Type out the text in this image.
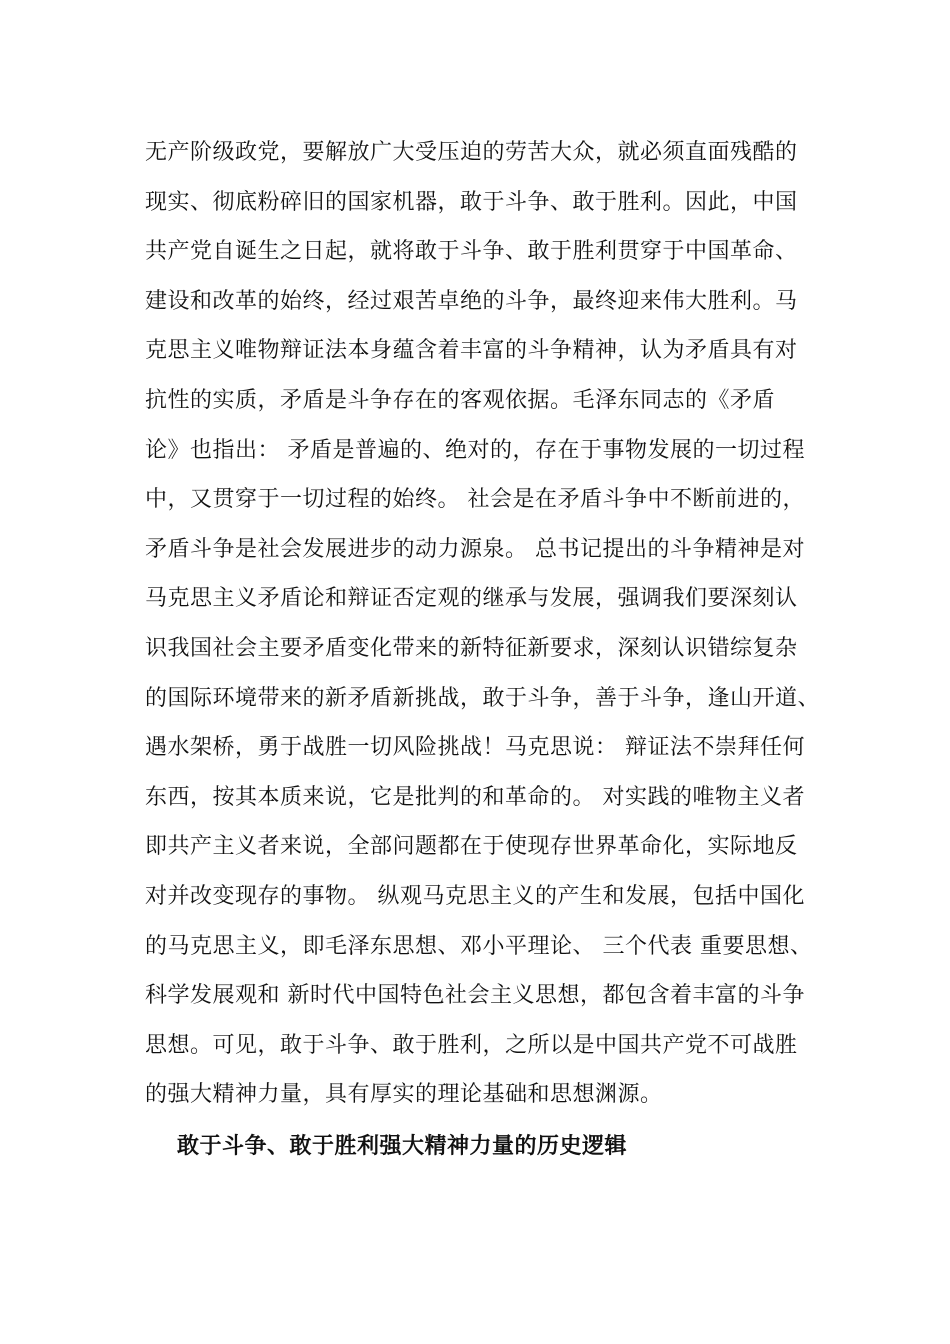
无产阶级政党，要解放广大受压迫的劳苦大众，就必须直面残酷的
现实、彻底粉碎旧的国家机器，敢于斗争、敢于胜利。因此，中国
共产党自诞生之日起，就将敢于斗争、敢于胜利贯穿于中国革命、
建设和改革的始终，经过艰苦卓绝的斗争，最终迎来伟大胜利。马
克思主义唯物辩证法本身蕴含着丰富的斗争精神，认为矛盾具有对
抗性的实质，矛盾是斗争存在的客观依据。毛泽东同志的《矛盾
论》也指出： 矛盾是普遍的、绝对的，存在于事物发展的一切过程
中，又贯穿于一切过程的始终。 社会是在矛盾斗争中不断前进的，
矛盾斗争是社会发展进步的动力源泉。 总书记提出的斗争精神是对
马克思主义矛盾论和辩证否定观的继承与发展，强调我们要深刻认
识我国社会主要矛盾变化带来的新特征新要求，深刻认识错综复杂
的国际环境带来的新矛盾新挑战，敢于斗争，善于斗争，逢山开道、
遇水架桥，勇于战胜一切风险挑战！马克思说： 辩证法不崇拜任何
东西，按其本质来说，它是批判的和革命的。 对实践的唯物主义者
即共产主义者来说，全部问题都在于使现存世界革命化，实际地反
对并改变现存的事物。 纵观马克思主义的产生和发展，包括中国化
的马克思主义，即毛泽东思想、邓小平理论、 三个代表 重要思想、
科学发展观和 新时代中国特色社会主义思想，都包含着丰富的斗争
思想。可见，敢于斗争、敢于胜利，之所以是中国共产党不可战胜
的强大精神力量，具有厚实的理论基础和思想渊源。
敢于斗争、敢于胜利强大精神力量的历史逻辑
